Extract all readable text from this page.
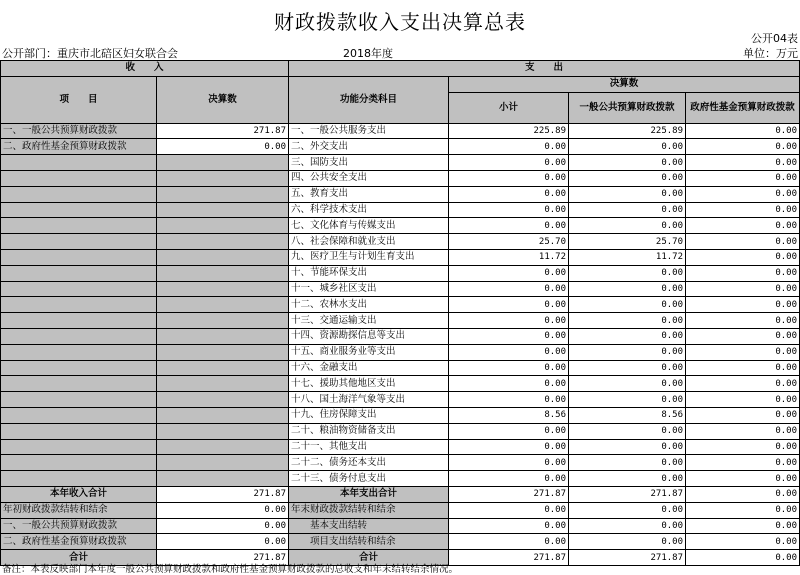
财政拨款收入支出决算总表
公开04表
公开部门：重庆市北碚区妇女联合会	2018年度	单位：万元
收　　入		支　　出			
项　　目	决算数	功能分类科目	决算数		
			小计	一般公共预算财政拨款	政府性基金预算财政拨款
一、一般公共预算财政拨款	271.87	一、一般公共服务支出	225.89	225.89	0.00
二、政府性基金预算财政拨款	0.00	二、外交支出	0.00	0.00	0.00
		三、国防支出	0.00	0.00	0.00
		四、公共安全支出	0.00	0.00	0.00
		五、教育支出	0.00	0.00	0.00
		六、科学技术支出	0.00	0.00	0.00
		七、文化体育与传媒支出	0.00	0.00	0.00
		八、社会保障和就业支出	25.70	25.70	0.00
		九、医疗卫生与计划生育支出	11.72	11.72	0.00
		十、节能环保支出	0.00	0.00	0.00
		十一、城乡社区支出	0.00	0.00	0.00
		十二、农林水支出	0.00	0.00	0.00
		十三、交通运输支出	0.00	0.00	0.00
		十四、资源勘探信息等支出	0.00	0.00	0.00
		十五、商业服务业等支出	0.00	0.00	0.00
		十六、金融支出	0.00	0.00	0.00
		十七、援助其他地区支出	0.00	0.00	0.00
		十八、国土海洋气象等支出	0.00	0.00	0.00
		十九、住房保障支出	8.56	8.56	0.00
		二十、粮油物资储备支出	0.00	0.00	0.00
		二十一、其他支出	0.00	0.00	0.00
		二十二、债务还本支出	0.00	0.00	0.00
		二十三、债务付息支出	0.00	0.00	0.00
本年收入合计	271.87	本年支出合计	271.87	271.87	0.00
年初财政拨款结转和结余	0.00	年末财政拨款结转和结余	0.00	0.00	0.00
一、一般公共预算财政拨款	0.00	　　基本支出结转	0.00	0.00	0.00
二、政府性基金预算财政拨款	0.00	　　项目支出结转和结余	0.00	0.00	0.00
合计	271.87	合计	271.87	271.87	0.00
备注：本表反映部门本年度一般公共预算财政拨款和政府性基金预算财政拨款的总收支和年末结转结余情况。
